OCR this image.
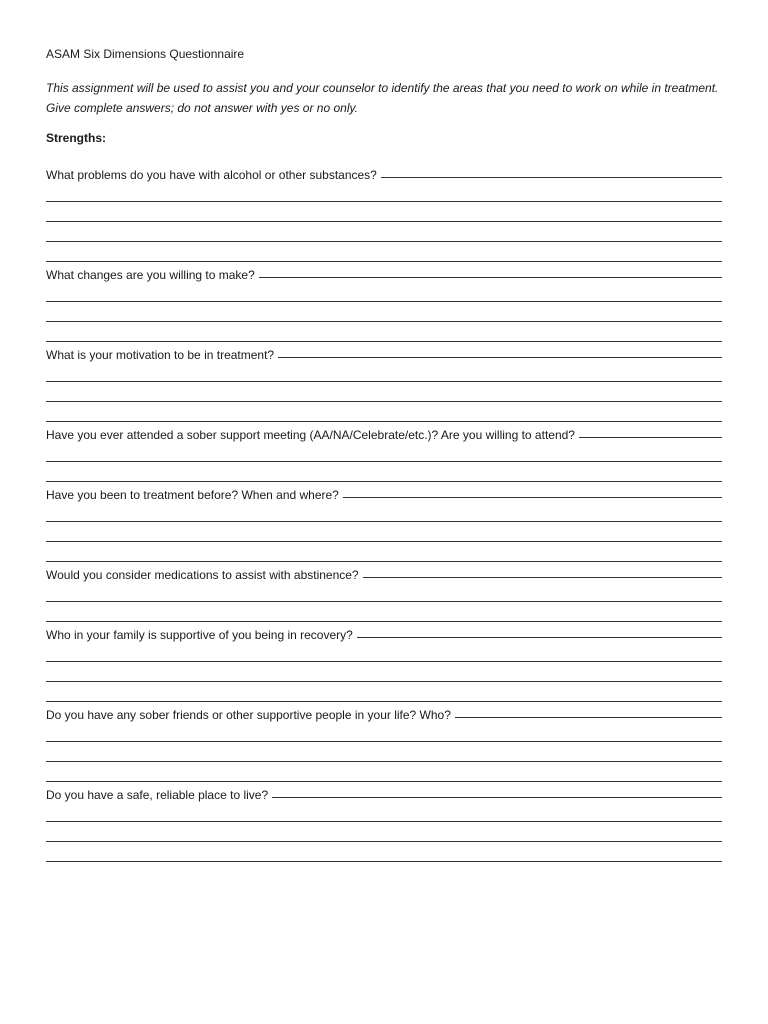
ASAM Six Dimensions Questionnaire
This assignment will be used to assist you and your counselor to identify the areas that you need to work on while in treatment. Give complete answers; do not answer with yes or no only.
Strengths:
What problems do you have with alcohol or other substances?
What changes are you willing to make?
What is your motivation to be in treatment?
Have you ever attended a sober support meeting (AA/NA/Celebrate/etc.)? Are you willing to attend?
Have you been to treatment before? When and where?
Would you consider medications to assist with abstinence?
Who in your family is supportive of you being in recovery?
Do you have any sober friends or other supportive people in your life? Who?
Do you have a safe, reliable place to live?
